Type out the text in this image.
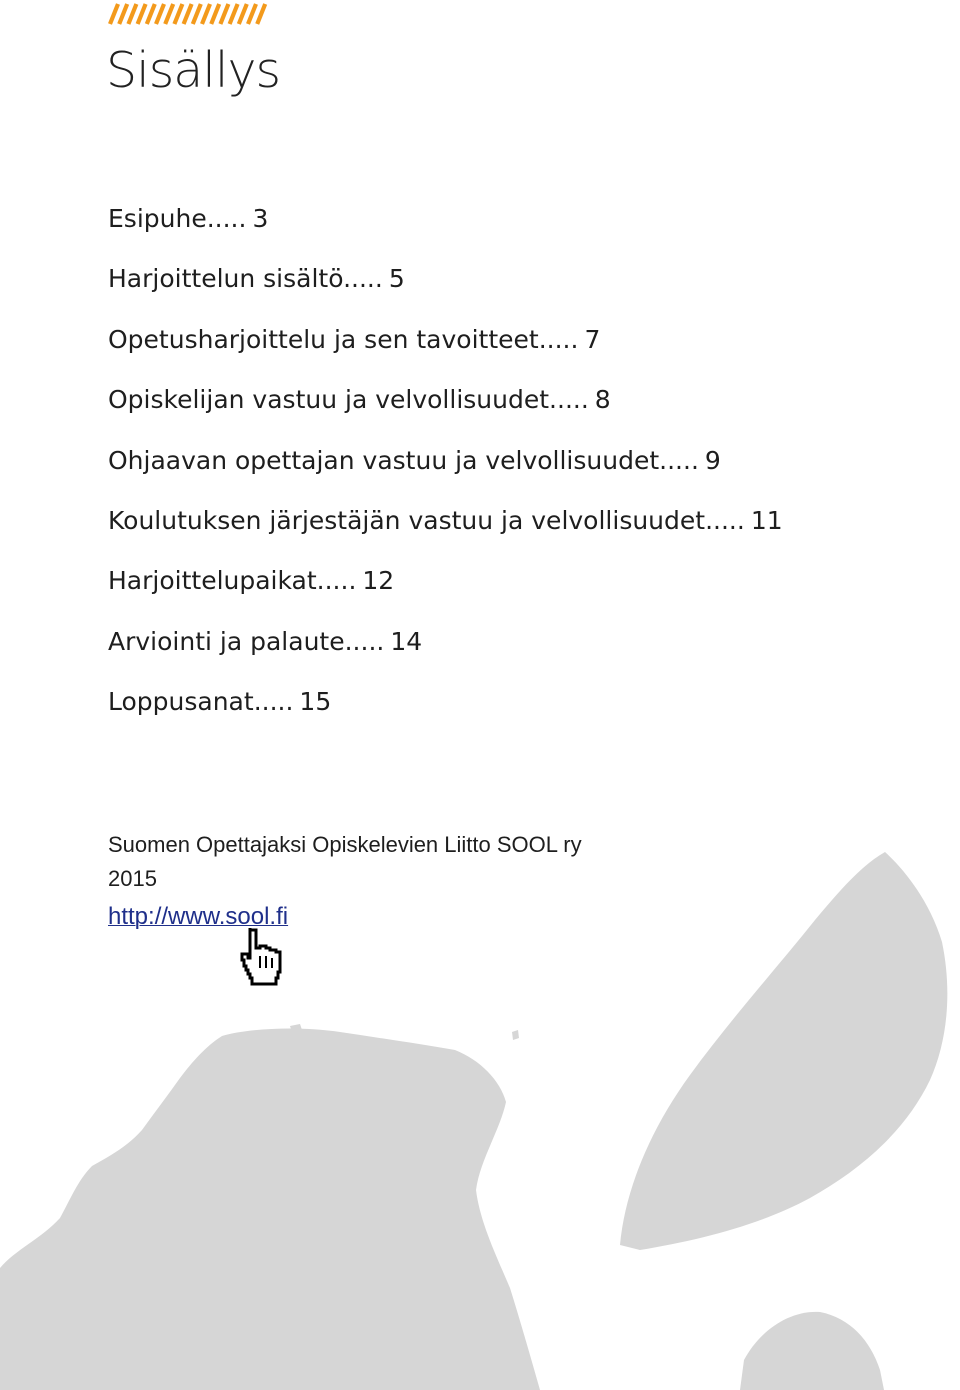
Sisällys
Esipuhe..... 3
Harjoittelun sisältö..... 5
Opetusharjoittelu ja sen tavoitteet..... 7
Opiskelijan vastuu ja velvollisuudet..... 8
Ohjaavan opettajan vastuu ja velvollisuudet..... 9
Koulutuksen järjestäjän vastuu ja velvollisuudet..... 11
Harjoittelupaikat..... 12
Arviointi ja palaute..... 14
Loppusanat..... 15
Suomen Opettajaksi Opiskelevien Liitto SOOL ry
2015
http://www.sool.fi
